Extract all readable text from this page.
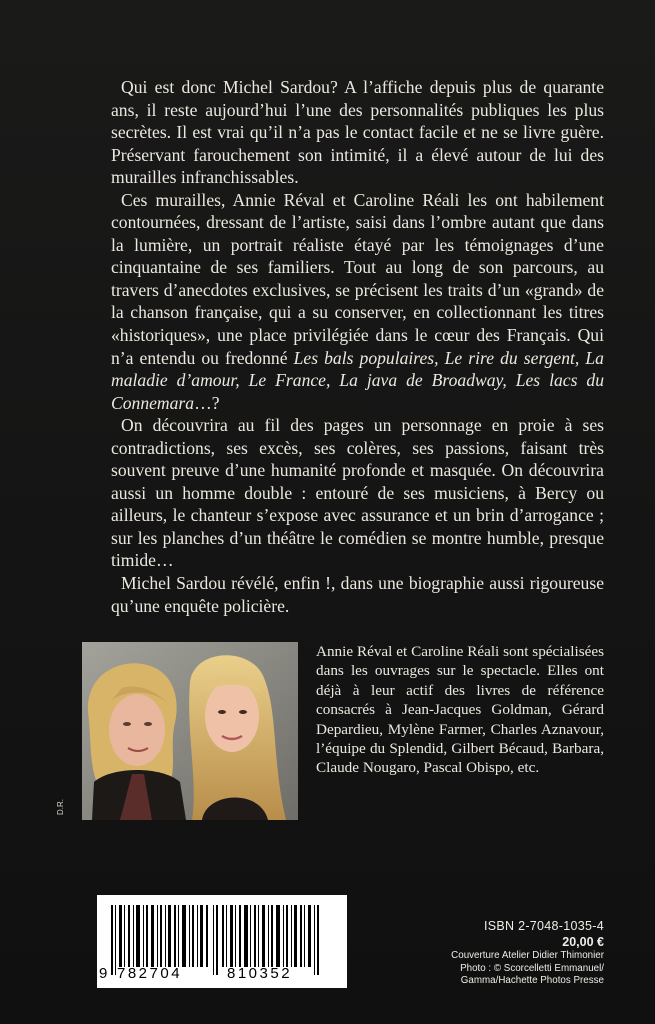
Qui est donc Michel Sardou? A l’affiche depuis plus de quarante ans, il reste aujourd’hui l’une des personnalités publiques les plus secrètes. Il est vrai qu’il n’a pas le contact facile et ne se livre guère. Préservant farouchement son intimité, il a élevé autour de lui des murailles infranchissables.

Ces murailles, Annie Réval et Caroline Réali les ont habilement contournées, dressant de l’artiste, saisi dans l’ombre autant que dans la lumière, un portrait réaliste étayé par les témoignages d’une cinquantaine de ses familiers. Tout au long de son parcours, au travers d’anecdotes exclusives, se précisent les traits d’un «grand» de la chanson française, qui a su conserver, en collectionnant les titres «historiques», une place privilégiée dans le cœur des Français. Qui n’a entendu ou fredonné Les bals populaires, Le rire du sergent, La maladie d’amour, Le France, La java de Broadway, Les lacs du Connemara…?

On découvrira au fil des pages un personnage en proie à ses contradictions, ses excès, ses colères, ses passions, faisant très souvent preuve d’une humanité profonde et masquée. On découvrira aussi un homme double : entouré de ses musiciens, à Bercy ou ailleurs, le chanteur s’expose avec assurance et un brin d’arrogance ; sur les planches d’un théâtre le comédien se montre humble, presque timide…

Michel Sardou révélé, enfin !, dans une biographie aussi rigoureuse qu’une enquête policière.

D.R.
Annie Réval et Caroline Réali sont spécialisées dans les ouvrages sur le spectacle. Elles ont déjà à leur actif des livres de référence consacrés à Jean-Jacques Goldman, Gérard Depardieu, Mylène Farmer, Charles Aznavour, l’équipe du Splendid, Gilbert Bécaud, Barbara, Claude Nougaro, Pascal Obispo, etc.
9 782704	810352
ISBN 2-7048-1035-4
20,00 €
Couverture Atelier Didier Thimonier
Photo : © Scorcelletti Emmanuel/
Gamma/Hachette Photos Presse
